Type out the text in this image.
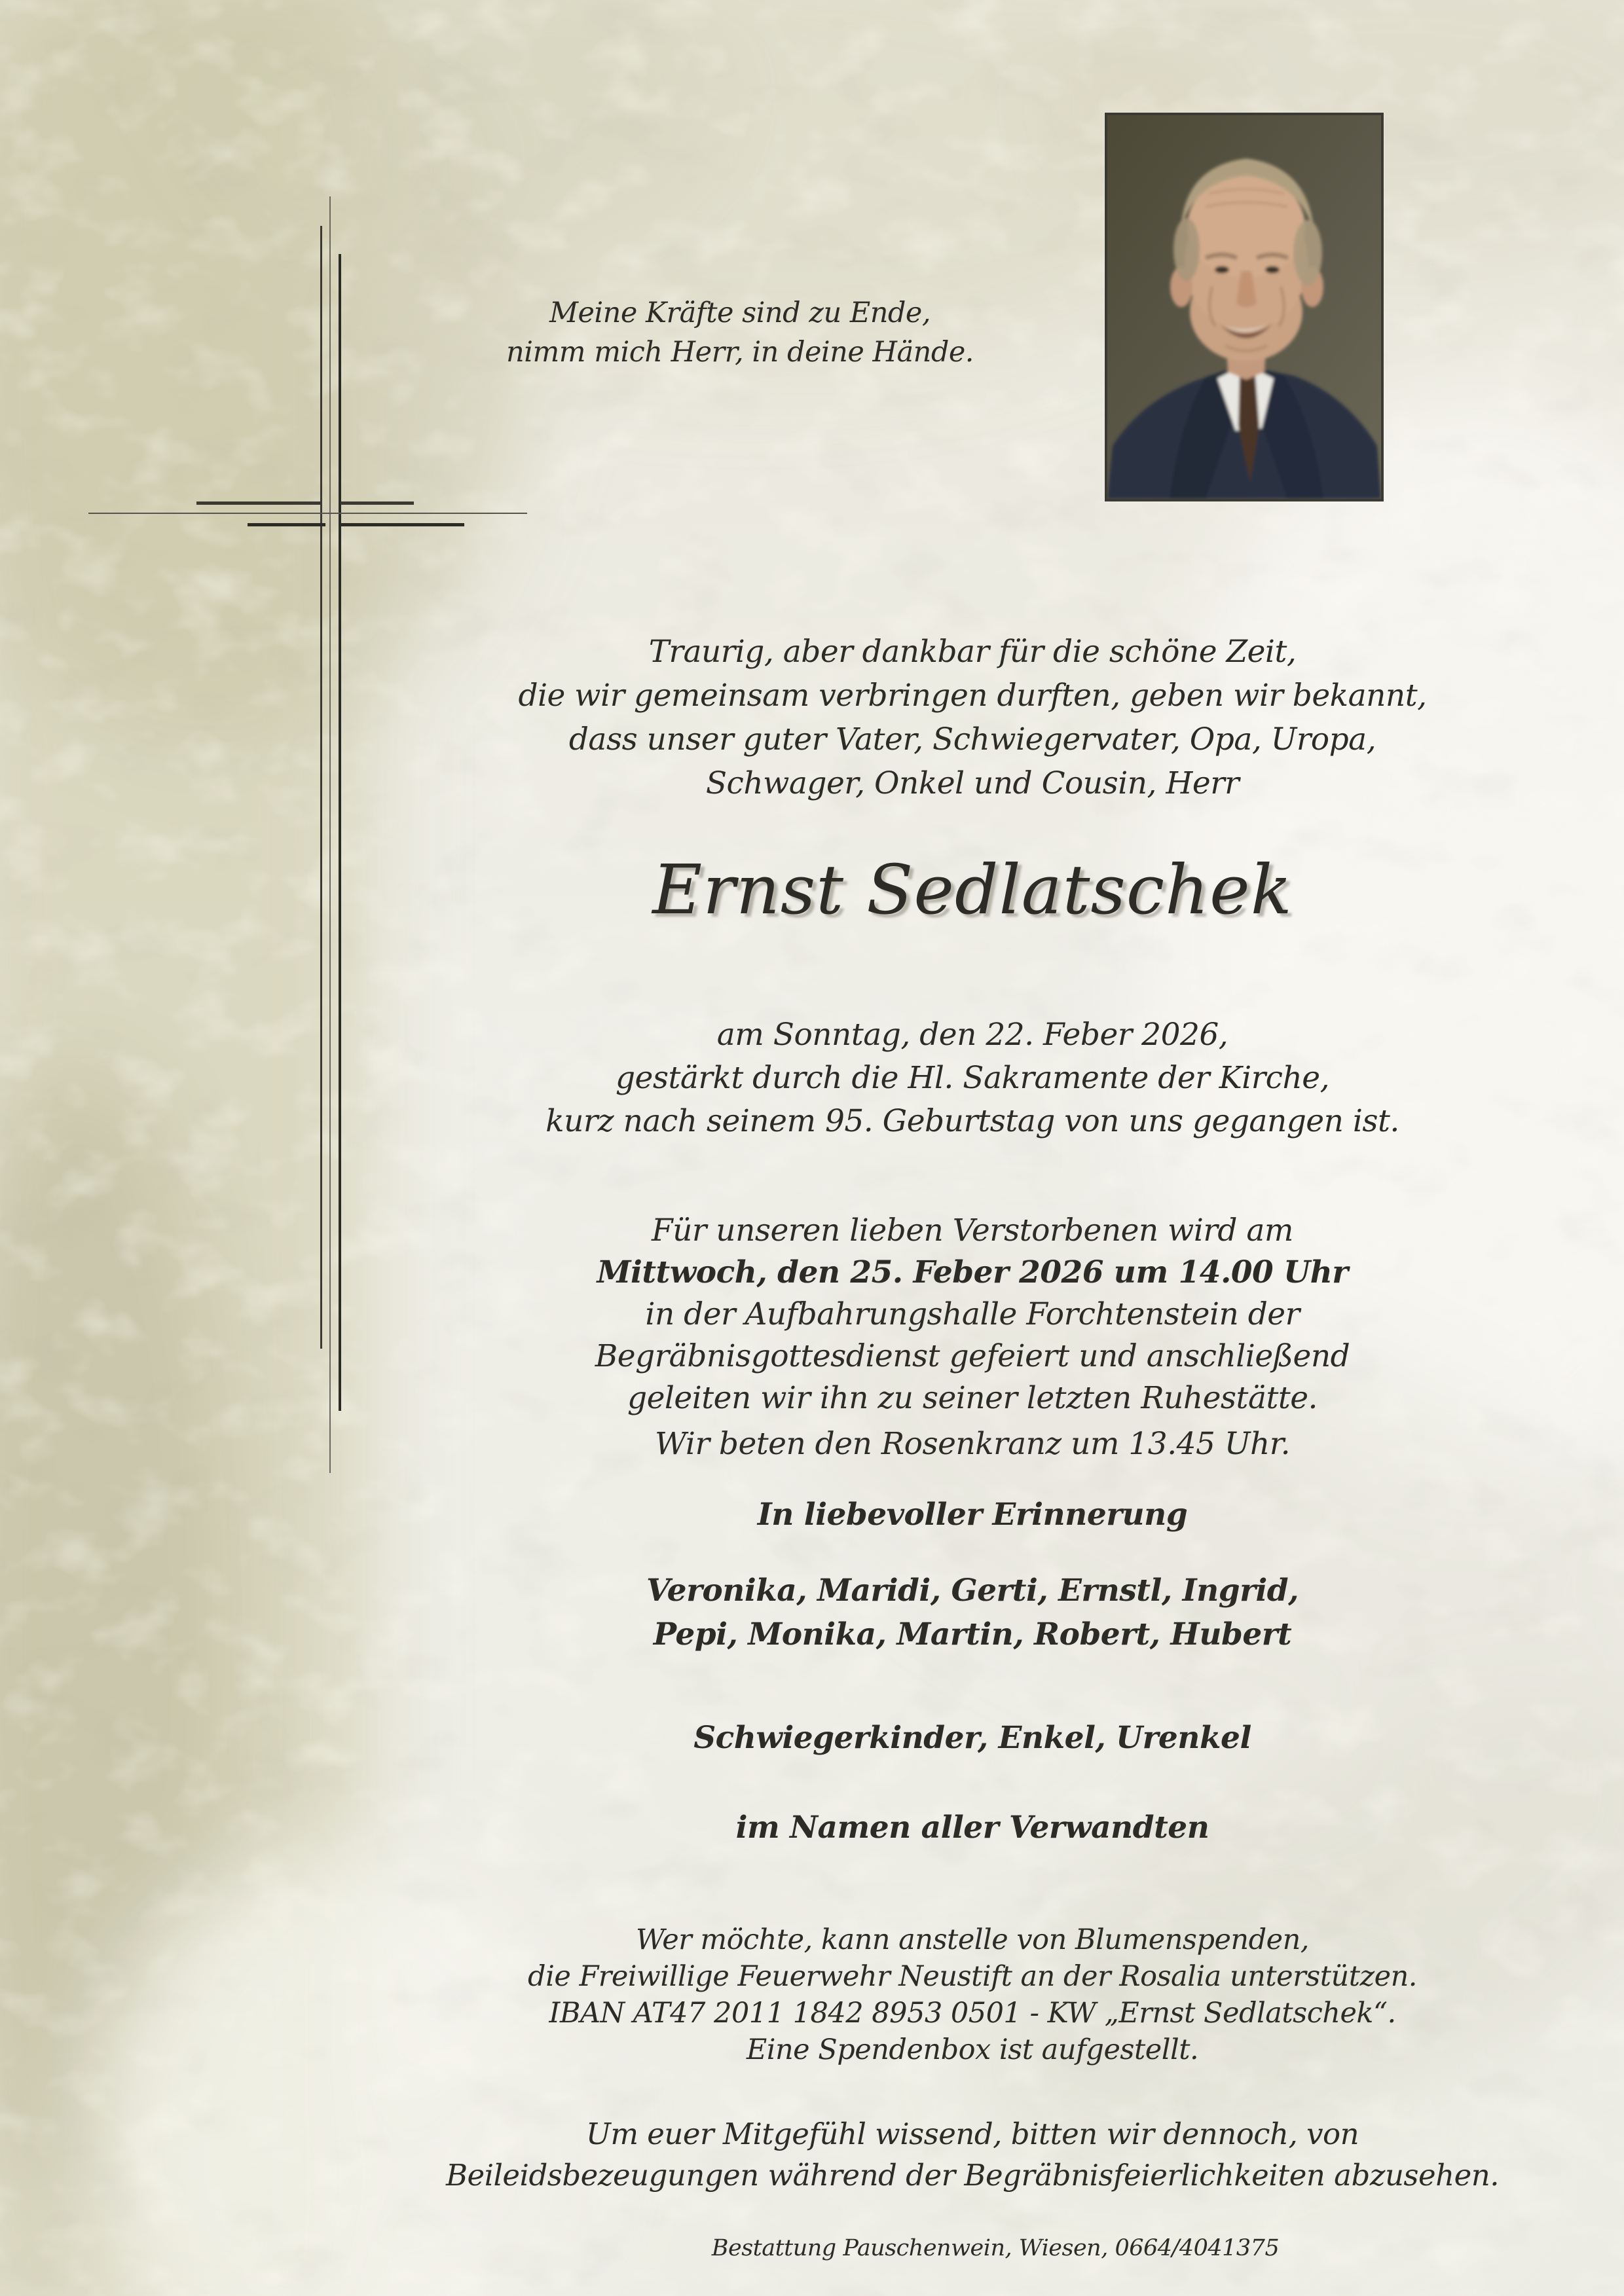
Meine Kräfte sind zu Ende,
nimm mich Herr, in deine Hände.
Traurig, aber dankbar für die schöne Zeit,
die wir gemeinsam verbringen durften, geben wir bekannt,
dass unser guter Vater, Schwiegervater, Opa, Uropa,
Schwager, Onkel und Cousin, Herr
Ernst Sedlatschek
am Sonntag, den 22. Feber 2026,
gestärkt durch die Hl. Sakramente der Kirche,
kurz nach seinem 95. Geburtstag von uns gegangen ist.
Für unseren lieben Verstorbenen wird am
Mittwoch, den 25. Feber 2026 um 14.00 Uhr
in der Aufbahrungshalle Forchtenstein der
Begräbnisgottesdienst gefeiert und anschließend
geleiten wir ihn zu seiner letzten Ruhestätte.
Wir beten den Rosenkranz um 13.45 Uhr.
In liebevoller Erinnerung
Veronika, Maridi, Gerti, Ernstl, Ingrid,
Pepi, Monika, Martin, Robert, Hubert
Schwiegerkinder, Enkel, Urenkel
im Namen aller Verwandten
Wer möchte, kann anstelle von Blumenspenden,
die Freiwillige Feuerwehr Neustift an der Rosalia unterstützen.
IBAN AT47 2011 1842 8953 0501 - KW „Ernst Sedlatschek“.
Eine Spendenbox ist aufgestellt.
Um euer Mitgefühl wissend, bitten wir dennoch, von
Beileidsbezeugungen während der Begräbnisfeierlichkeiten abzusehen.
Bestattung Pauschenwein, Wiesen, 0664/4041375
